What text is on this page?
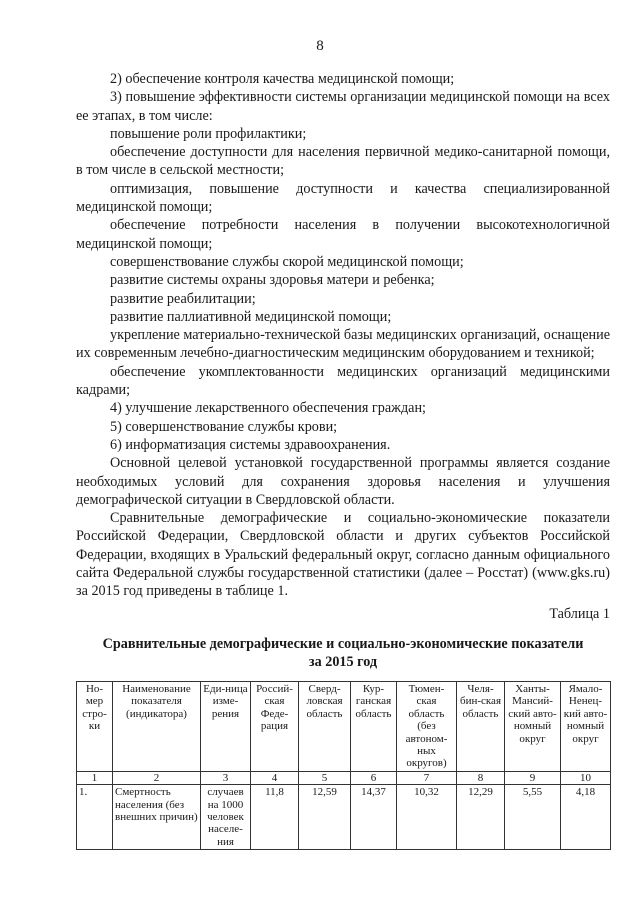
8

2) обеспечение контроля качества медицинской помощи;

3) повышение эффективности системы организации медицинской помощи на всех ее этапах, в том числе:

повышение роли профилактики;

обеспечение доступности для населения первичной медико-санитарной помощи, в том числе в сельской местности;

оптимизация, повышение доступности и качества специализированной медицинской помощи;

обеспечение потребности населения в получении высокотехнологичной медицинской помощи;

совершенствование службы скорой медицинской помощи;

развитие системы охраны здоровья матери и ребенка;

развитие реабилитации;

развитие паллиативной медицинской помощи;

укрепление материально-технической базы медицинских организаций, оснащение их современным лечебно-диагностическим медицинским оборудованием и техникой;

обеспечение укомплектованности медицинских организаций медицинскими кадрами;

4) улучшение лекарственного обеспечения граждан;

5) совершенствование службы крови;

6) информатизация системы здравоохранения.

Основной целевой установкой государственной программы является создание необходимых условий для сохранения здоровья населения и улучшения демографической ситуации в Свердловской области.

Сравнительные демографические и социально-экономические показатели Российской Федерации, Свердловской области и других субъектов Российской Федерации, входящих в Уральский федеральный округ, согласно данным официального сайта Федеральной службы государственной статистики (далее – Росстат) (www.gks.ru) за 2015 год приведены в таблице 1.

Таблица 1
Сравнительные демографические и социально-экономические показатели
за 2015 год
Но-мер стро-ки	Наименование показателя (индикатора)	Еди-ница изме-рения	Россий-ская Феде-рация	Сверд-ловская область	Кур-ганская область	Тюмен-ская область (без автоном-ных округов)	Челя-бин-ская область	Ханты-Мансий-ский авто-номный округ	Ямало-Ненец-кий авто-номный округ
1	2	3	4	5	6	7	8	9	10
1.	Смертность населения (без внешних причин)	случаев на 1000 человек населе-ния	11,8	12,59	14,37	10,32	12,29	5,55	4,18
